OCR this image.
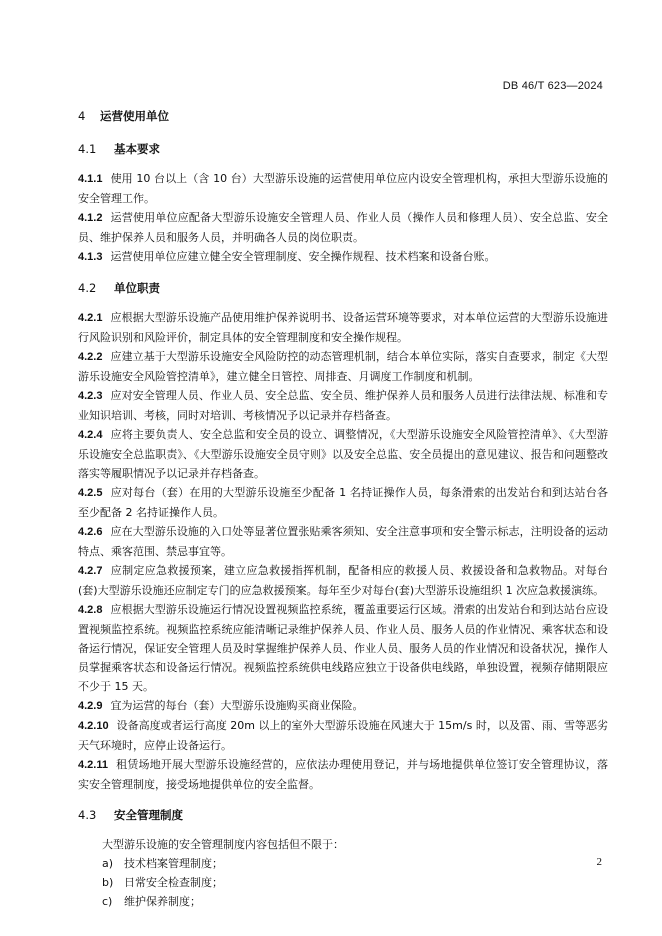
DB 46/T 623—2024
4 运营使用单位
4.1 基本要求

4.1.1 使用 10 台以上（含 10 台）大型游乐设施的运营使用单位应内设安全管理机构，承担大型游乐设施的安全管理工作。

4.1.2 运营使用单位应配备大型游乐设施安全管理人员、作业人员（操作人员和修理人员）、安全总监、安全员、维护保养人员和服务人员，并明确各人员的岗位职责。

4.1.3 运营使用单位应建立健全安全管理制度、安全操作规程、技术档案和设备台账。

4.2 单位职责

4.2.1 应根据大型游乐设施产品使用维护保养说明书、设备运营环境等要求，对本单位运营的大型游乐设施进行风险识别和风险评价，制定具体的安全管理制度和安全操作规程。

4.2.2 应建立基于大型游乐设施安全风险防控的动态管理机制，结合本单位实际，落实自查要求，制定《大型游乐设施安全风险管控清单》，建立健全日管控、周排查、月调度工作制度和机制。

4.2.3 应对安全管理人员、作业人员、安全总监、安全员、维护保养人员和服务人员进行法律法规、标准和专业知识培训、考核，同时对培训、考核情况予以记录并存档备查。

4.2.4 应将主要负责人、安全总监和安全员的设立、调整情况，《大型游乐设施安全风险管控清单》、《大型游乐设施安全总监职责》、《大型游乐设施安全员守则》以及安全总监、安全员提出的意见建议、报告和问题整改落实等履职情况予以记录并存档备查。

4.2.5 应对每台（套）在用的大型游乐设施至少配备 1 名持证操作人员，每条滑索的出发站台和到达站台各至少配备 2 名持证操作人员。

4.2.6 应在大型游乐设施的入口处等显著位置张贴乘客须知、安全注意事项和安全警示标志，注明设备的运动特点、乘客范围、禁忌事宜等。

4.2.7 应制定应急救援预案，建立应急救援指挥机制，配备相应的救援人员、救援设备和急救物品。对每台(套)大型游乐设施还应制定专门的应急救援预案。每年至少对每台(套)大型游乐设施组织 1 次应急救援演练。

4.2.8 应根据大型游乐设施运行情况设置视频监控系统，覆盖重要运行区域。滑索的出发站台和到达站台应设置视频监控系统。视频监控系统应能清晰记录维护保养人员、作业人员、服务人员的作业情况、乘客状态和设备运行情况，保证安全管理人员及时掌握维护保养人员、作业人员、服务人员的作业情况和设备状况，操作人员掌握乘客状态和设备运行情况。视频监控系统供电线路应独立于设备供电线路，单独设置，视频存储期限应不少于 15 天。

4.2.9 宜为运营的每台（套）大型游乐设施购买商业保险。

4.2.10 设备高度或者运行高度 20m 以上的室外大型游乐设施在风速大于 15m/s 时，以及雷、雨、雪等恶劣天气环境时，应停止设备运行。

4.2.11 租赁场地开展大型游乐设施经营的，应依法办理使用登记，并与场地提供单位签订安全管理协议，落实安全管理制度，接受场地提供单位的安全监督。

4.3 安全管理制度

大型游乐设施的安全管理制度内容包括但不限于：

a) 技术档案管理制度；

b) 日常安全检查制度；

c) 维护保养制度；

2
